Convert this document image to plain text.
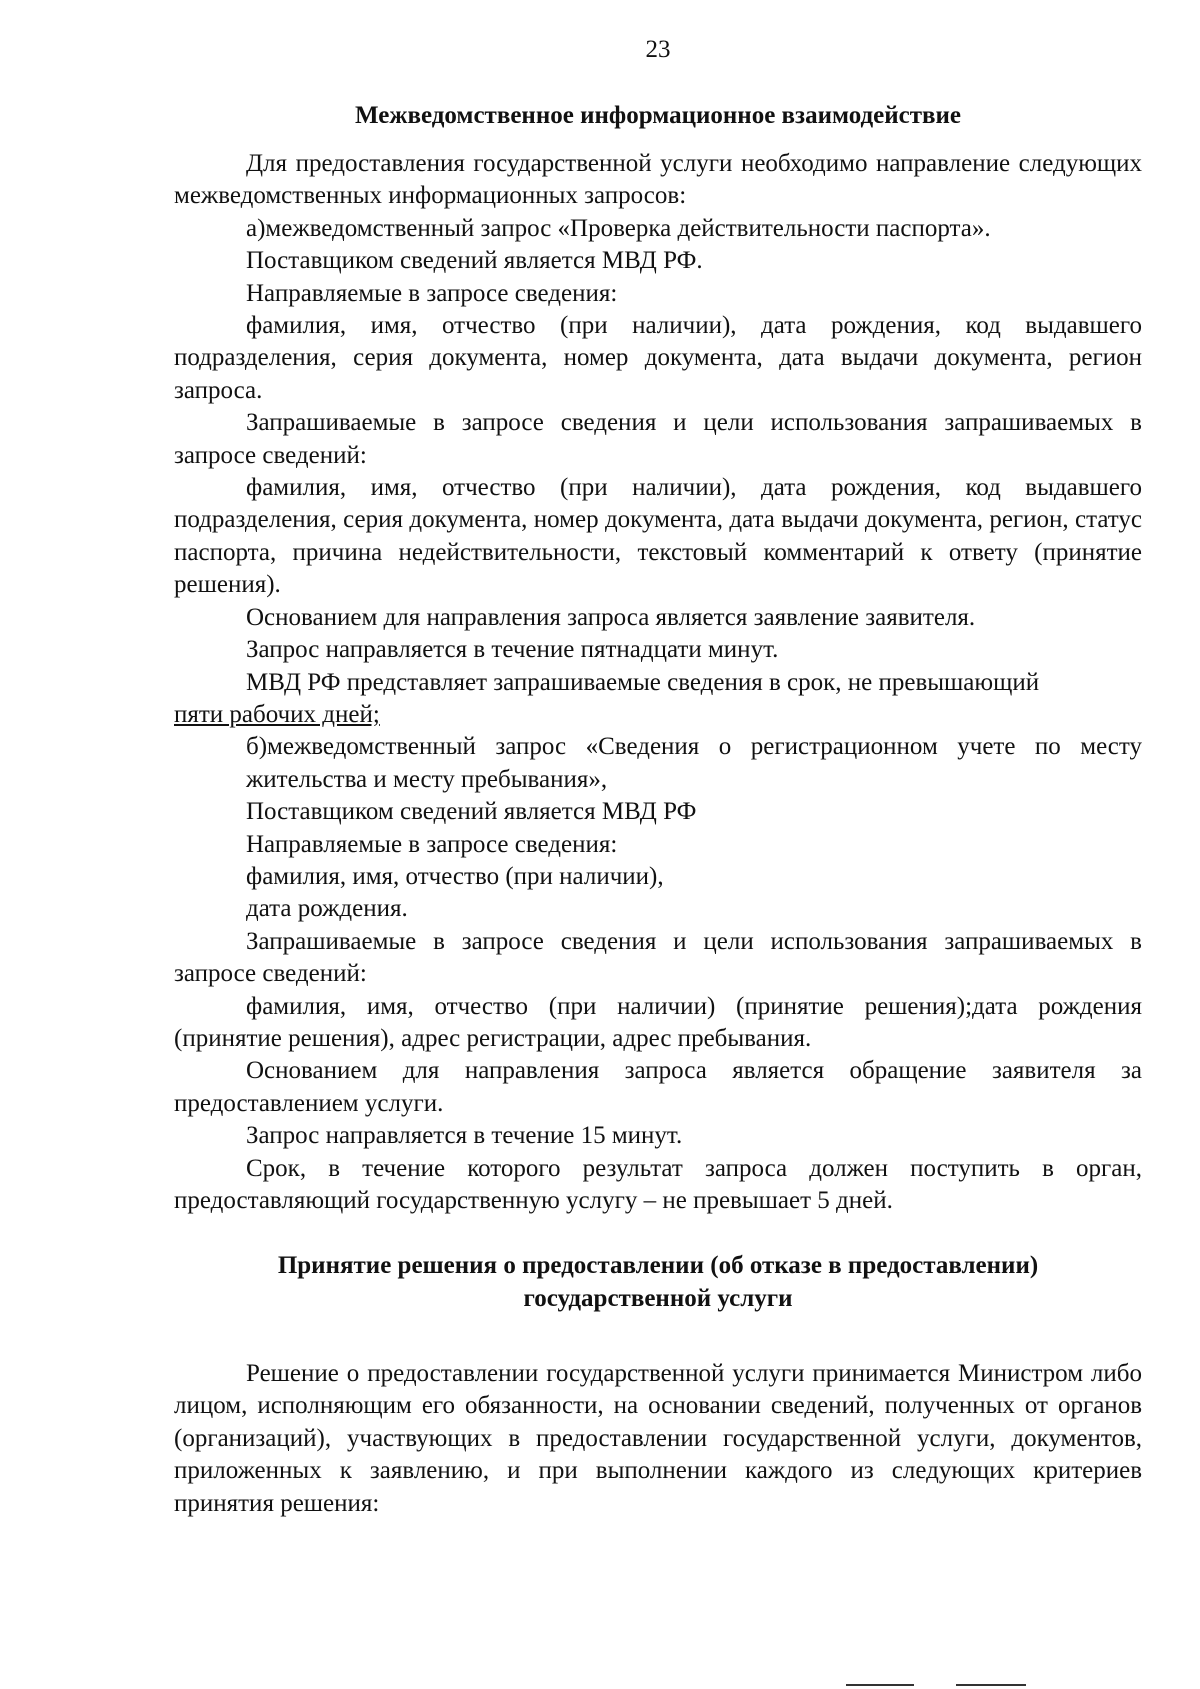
23
Межведомственное информационное взаимодействие

Для предоставления государственной услуги необходимо направление следующих межведомственных информационных запросов:

а)межведомственный запрос «Проверка действительности паспорта».

Поставщиком сведений является МВД РФ.

Направляемые в запросе сведения:

фамилия, имя, отчество (при наличии), дата рождения, код выдавшего подразделения, серия документа, номер документа, дата выдачи документа, регион запроса.

Запрашиваемые в запросе сведения и цели использования запрашиваемых в запросе сведений:

фамилия, имя, отчество (при наличии), дата рождения, код выдавшего подразделения, серия документа, номер документа, дата выдачи документа, регион, статус паспорта, причина недействительности, текстовый комментарий к ответу (принятие решения).

Основанием для направления запроса является заявление заявителя.

Запрос направляется в течение пятнадцати минут.

МВД РФ представляет запрашиваемые сведения в срок, не превышающий

пяти рабочих дней;

б)межведомственный запрос «Сведения о регистрационном учете по месту жительства и месту пребывания»,

Поставщиком сведений является МВД РФ

Направляемые в запросе сведения:

фамилия, имя, отчество (при наличии),

дата рождения.

Запрашиваемые в запросе сведения и цели использования запрашиваемых в запросе сведений:

фамилия, имя, отчество (при наличии) (принятие решения);дата рождения (принятие решения), адрес регистрации, адрес пребывания.

Основанием для направления запроса является обращение заявителя за предоставлением услуги.

Запрос направляется в течение 15 минут.

Срок, в течение которого результат запроса должен поступить в орган, предоставляющий государственную услугу – не превышает 5 дней.

Принятие решения о предоставлении (об отказе в предоставлении)
государственной услуги

Решение о предоставлении государственной услуги принимается Министром либо лицом, исполняющим его обязанности, на основании сведений, полученных от органов (организаций), участвующих в предоставлении государственной услуги, документов, приложенных к заявлению, и при выполнении каждого из следующих критериев принятия решения:
